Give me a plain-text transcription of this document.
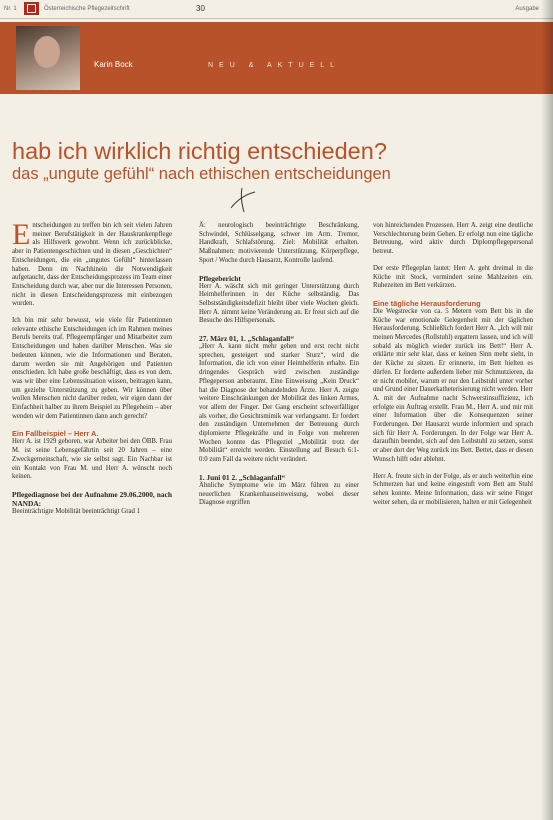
Nr. 1	Österreichische Pflegezeitschrift	30	Ausgabe
Karin Bock	NEU & AKTUELL
hab ich wirklich richtig entschieden?
das „ungute gefühl“ nach ethischen entscheidungen

Entscheidungen zu treffen bin ich seit vielen Jahren meiner Berufstätigkeit in der Hauskrankenpflege als Hilfswerk gewohnt. Wenn ich zurückblicke, aber in Patientengeschichten und in diesen „Geschichten“ Entscheidungen, die ein „ungutes Gefühl“ hinterlassen haben. Denn im Nachhinein die Notwendigkeit aufgetaucht, dass der Entscheidungsprozess im Team einer Entscheidung durch war, aber nur die Interessen Personen, nicht in diesen Entscheidungsprozess mit einbezogen wurden.

Ich bin mir sehr bewusst, wie viele für Patientinnen relevante ethische Entscheidungen ich im Rahmen meines Berufs bereits traf. Pflegeempfänger und Mitarbeiter zum Entscheidungen und haben darüber Menschen. Was sie bedeuten können, wie die Informationen und Beraten, darum werden sie mit Angehörigen und Patienten entschieden. Ich habe große beschäftigt, dass es von dem, was wir über eine Lebenssituation wissen, beitragen kann, um gezielte Unterstützung zu geben. Wir können über wollen Menschen nicht darüber reden, wir eigen dann der Einfachheit halber zu ihrem Beispiel zu Pflegeheim – aber wenden wir dem Patientinnen dann auch gerecht?

Ein Fallbeispiel – Herr A.

Herr A. ist 1929 geboren, war Arbeiter bei den ÖBB. Frau M. ist seine Lebensgefährtin seit 20 Jahren – eine Zweckgemeinschaft, wie sie selbst sagt. Ein Nachbar ist ein Kontakt von Frau M. und Herr A. wünscht noch keinen.

Pflegediagnose bei der Aufnahme 29.06.2000, nach NANDA:

Beeinträchtigte Mobilität beeinträchtigt Grad 1

Ä: neurologisch beeinträchtigte Beschränkung, Schwindel, Schlüsselgang, schwer im Arm. Tremor, Handkraft, Schlafstörung. Ziel: Mobilität erhalten. Maßnahmen: motivierende Unterstützung, Körperpflege, Sport / Woche durch Hausarzt, Kontrolle laufend.

Pflegebericht

Herr A. wäscht sich mit geringer Unterstützung durch Heimhelferinnen in der Küche selbständig. Das Selbstständigkeitsdefizit bleibt über viele Wochen gleich. Herr A. nimmt keine Veränderung an. Er freut sich auf die Besuche des Hilfspersonals.

27. März 01, 1. „Schlaganfall“

„Herr A. kann nicht mehr gehen und erst recht nicht sprechen, gesteigert und starker Sturz“, wird die Information, die ich von einer Heimhelferin erhalte. Ein dringendes Gespräch wird zwischen zuständige Pflegeperson anberaumt. Eine Einweisung „Kein Druck“ hat die Diagnose der behandelnden Ärzte. Herr A. zeigte weitere Einschränkungen der Mobilität des linken Armes, vor allem der Finger. Der Gang erscheint schwerfälliger als vorher, die Gesichtsmimik war verlangsamt. Er fordert den zuständigen Unternehmen der Betreuung durch diplomierte Pflegekräfte und in Folge von mehreren Wochen konnte das Pflegeziel „Mobilität trotz der Mobilität“ erreicht werden. Einstellung auf Besuch 6:1-0:0 zum Fall da weitere nicht verändert.

1. Juni 01 2. „Schlaganfall“

Ähnliche Symptome wie im März führen zu einer neuerlichen Krankenhauseinweisung, wobei dieser Diagnose ergriffen

von hinreichenden Prozessen. Herr A. zeigt eine deutliche Verschlechterung beim Gehen. Er erfolgt nun eine tägliche Betreuung, wird aktiv durch Diplompflegepersonal betreut.

Der erste Pflegeplan lautet: Herr A. geht dreimal in die Küche mit Stock, vermindert seine Mahlzeiten ein. Ruhezeiten im Bett verkürzen.

Eine tägliche Herausforderung

Die Wegstrecke von ca. 5 Metern vom Bett bis in die Küche war emotionale Gelegenheit mit der täglichen Herausforderung. Schließlich fordert Herr A. „Ich will mir meinen Mercedes (Rollstuhl) ergattern lassen, und ich will sobald als möglich wieder zurück ins Bett!“ Herr A. erklärte mir sehr klar, dass er keinen Sinn mehr sieht, in der Küche zu sitzen. Er erinnerte, im Bett hielten es dürfen. Er forderte außerdem lieber mir Schmutzieren, da er nicht mobiler, warum er nur den Leibstuhl unter vorher und Grund einer Dauerkatheterisierung nicht werden. Herr A. mit der Aufnahme nacht Schwerstinsuffizienz, ich erfolgte ein Auftrag erstellt. Frau M., Herr A. und mir mit einer Information über die Konsequenzen seiner Forderungen. Der Hausarzt wurde informiert und sprach sich für Herr A. Forderungen. In der Folge war Herr A. daraufhin beendet, sich auf den Leibstuhl zu setzen, sonst er aber dort der Weg zurück ins Bett. Bettet, dass er diesen Wunsch hilft oder ablehnt.

Herr A. freute sich in der Folge, als er auch weiterhin eine Schmerzen hat und keine eingestuft vom Bett am Stuhl sehen konnte. Meine Information, dass wir seine Finger weiter sehen, da er mobilisieren, halten er mit Gelegenheit
